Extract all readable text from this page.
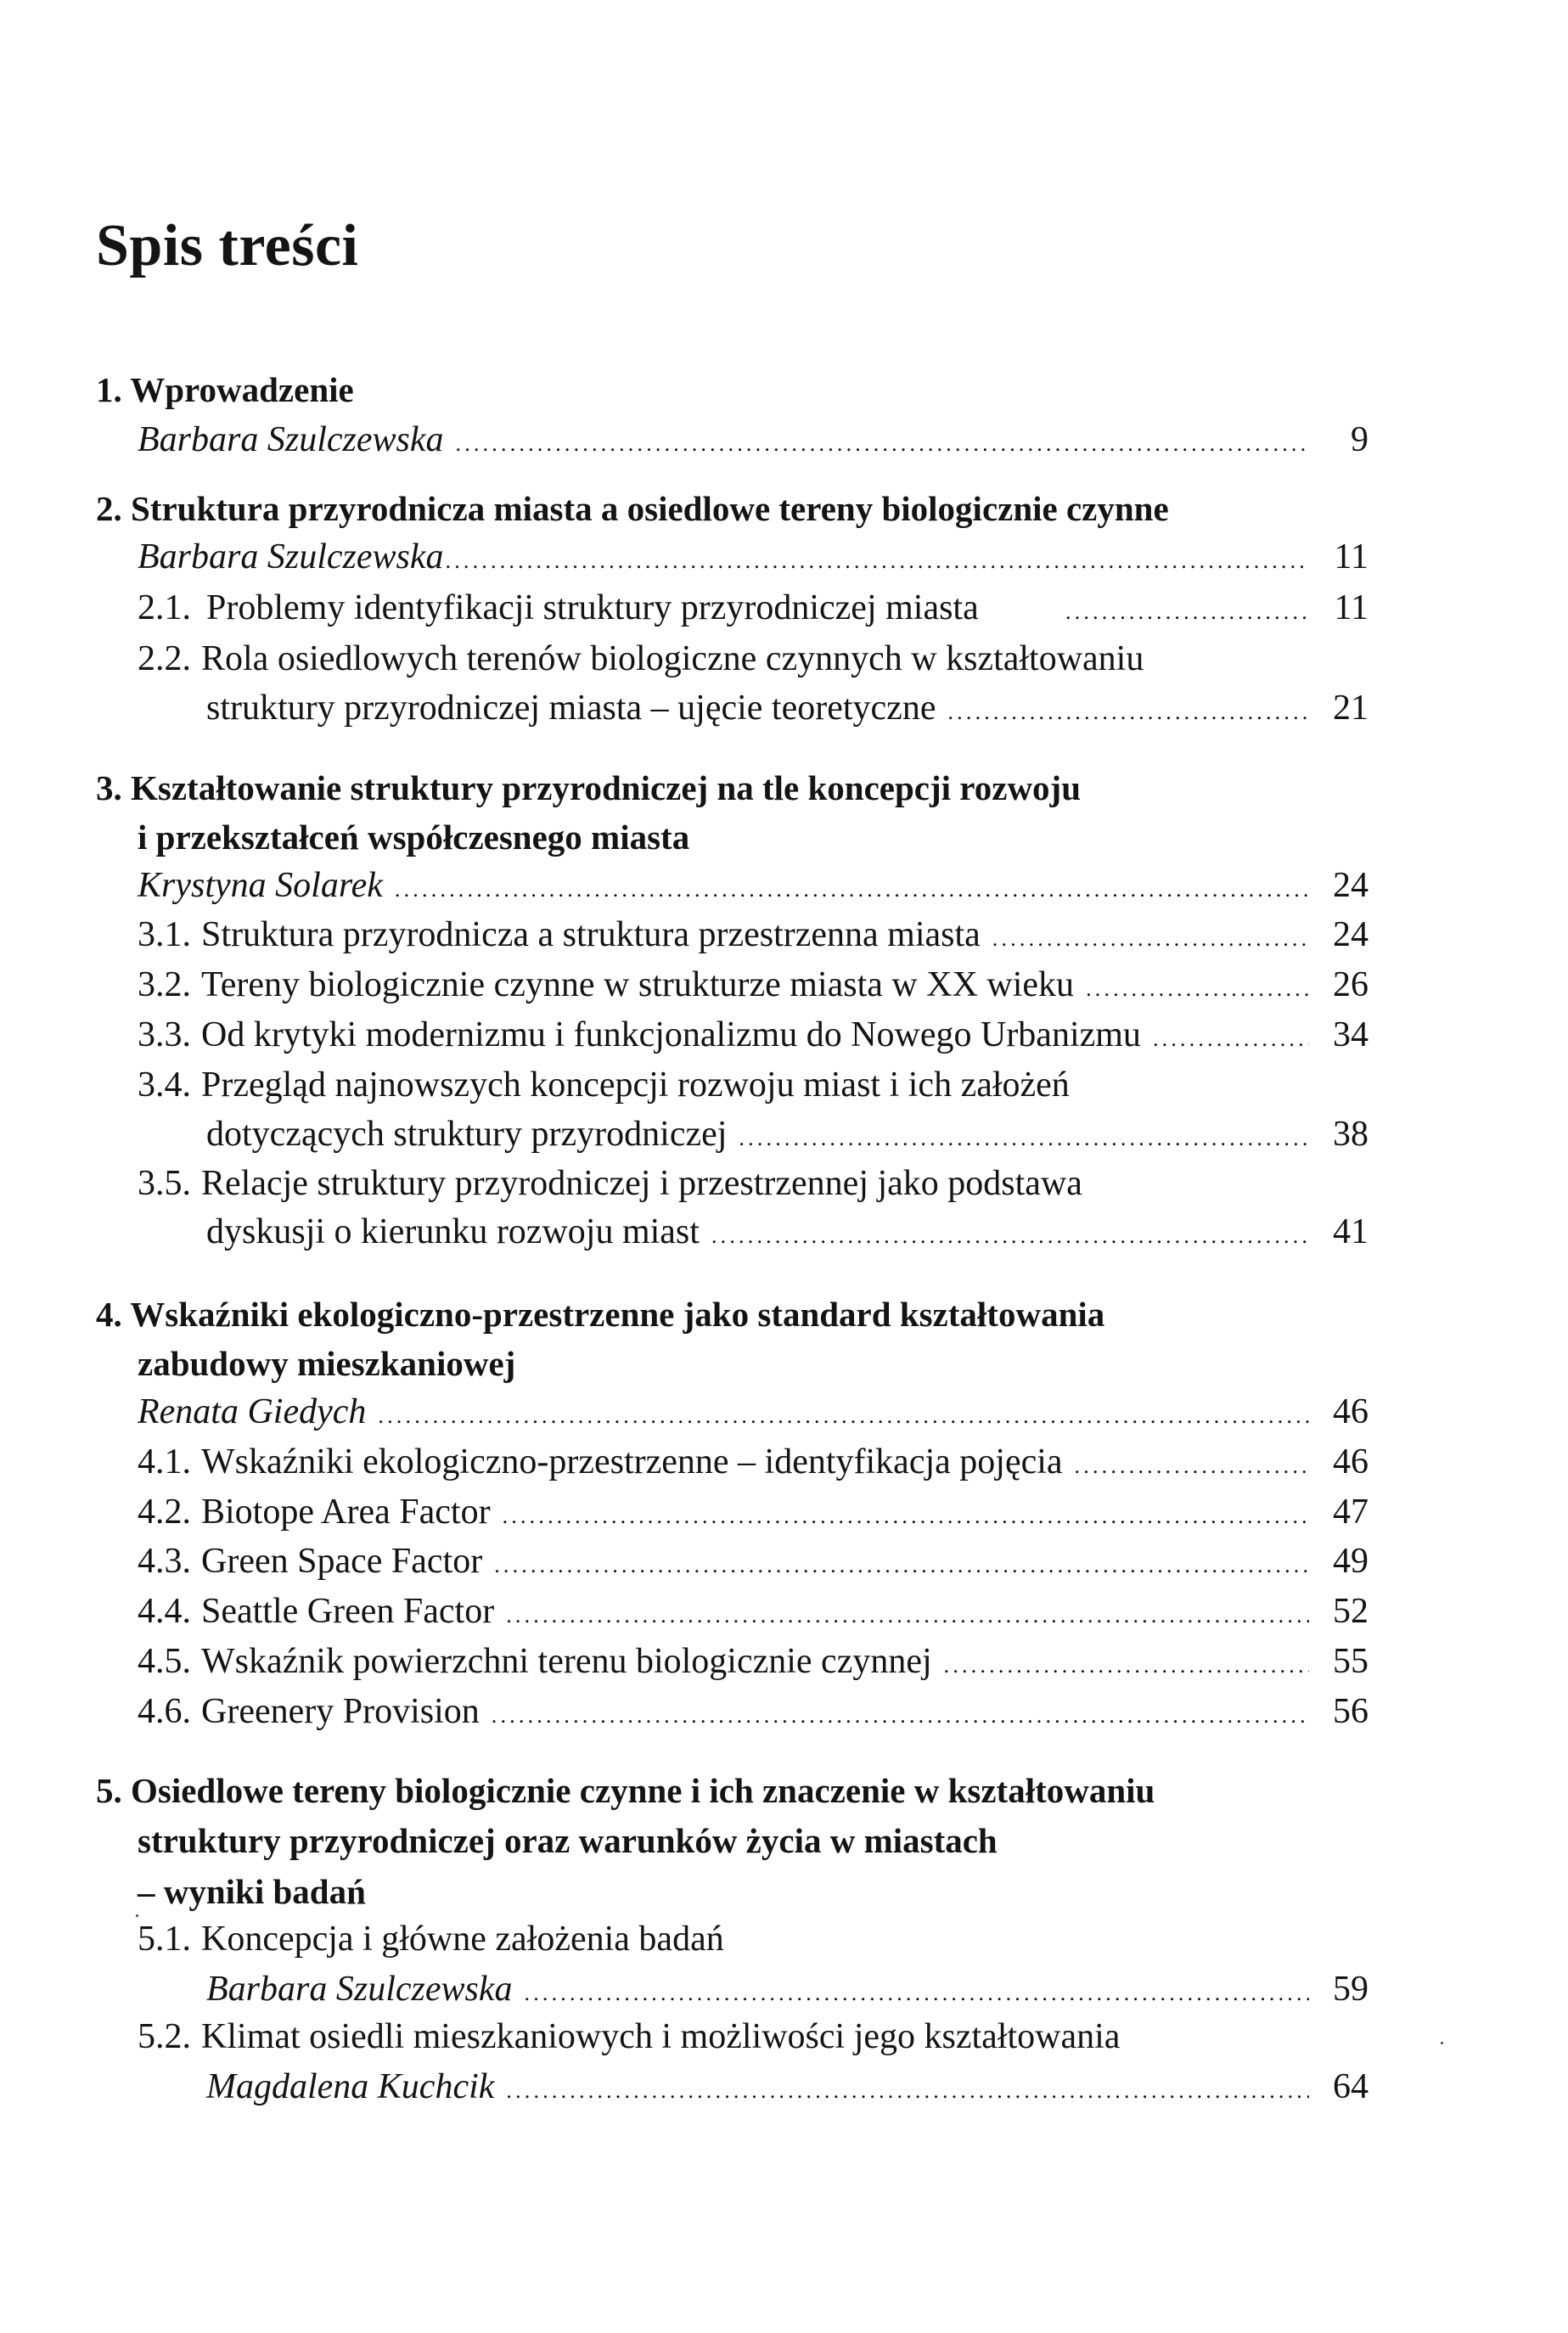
Spis treści
1. Wprowadzenie
Barbara Szulczewska .....	9
2. Struktura przyrodnicza miasta a osiedlowe tereny biologicznie czynne
Barbara Szulczewska .....	11
2.1. Problemy identyfikacji struktury przyrodniczej miasta .....	11
2.2. Rola osiedlowych terenów biologiczne czynnych w kształtowaniu
struktury przyrodniczej miasta – ujęcie teoretyczne .....	21
3. Kształtowanie struktury przyrodniczej na tle koncepcji rozwoju
i przekształceń współczesnego miasta
Krystyna Solarek .....	24
3.1. Struktura przyrodnicza a struktura przestrzenna miasta .....	24
3.2. Tereny biologicznie czynne w strukturze miasta w XX wieku .....	26
3.3. Od krytyki modernizmu i funkcjonalizmu do Nowego Urbanizmu .....	34
3.4. Przegląd najnowszych koncepcji rozwoju miast i ich założeń
dotyczących struktury przyrodniczej .....	38
3.5. Relacje struktury przyrodniczej i przestrzennej jako podstawa
dyskusji o kierunku rozwoju miast .....	41
4. Wskaźniki ekologiczno-przestrzenne jako standard kształtowania
zabudowy mieszkaniowej
Renata Giedych .....	46
4.1. Wskaźniki ekologiczno-przestrzenne – identyfikacja pojęcia .....	46
4.2. Biotope Area Factor .....	47
4.3. Green Space Factor .....	49
4.4. Seattle Green Factor .....	52
4.5. Wskaźnik powierzchni terenu biologicznie czynnej .....	55
4.6. Greenery Provision .....	56
5. Osiedlowe tereny biologicznie czynne i ich znaczenie w kształtowaniu
struktury przyrodniczej oraz warunków życia w miastach
– wyniki badań
5.1. Koncepcja i główne założenia badań
Barbara Szulczewska .....	59
5.2. Klimat osiedli mieszkaniowych i możliwości jego kształtowania
Magdalena Kuchcik .....	64
